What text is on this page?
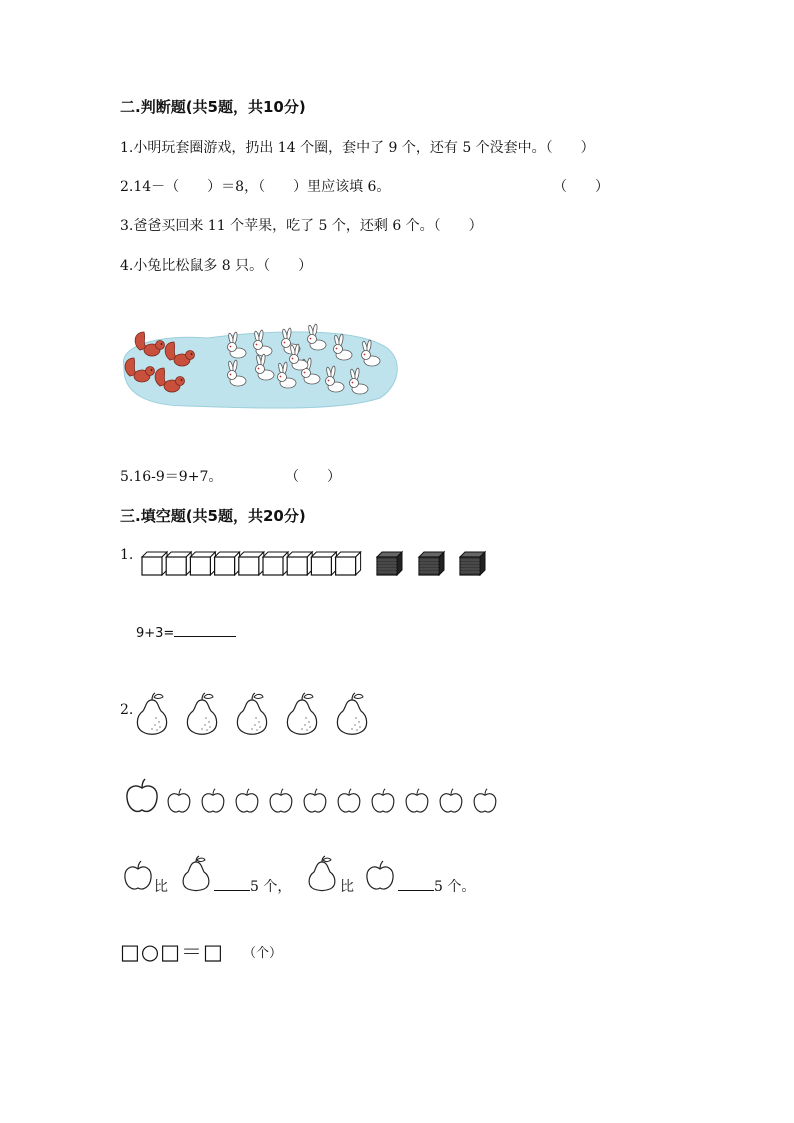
二.判断题(共5题，共10分)
1.小明玩套圈游戏，扔出 14 个圈，套中了 9 个，还有 5 个没套中。（　　）
2.14－（　　）＝8，（　　）里应该填 6。	（　　）
3.爸爸买回来 11 个苹果，吃了 5 个，还剩 6 个。（　　）
4.小兔比松鼠多 8 只。（　　）
5.16-9＝9+7。	（　　）
三.填空题(共5题，共20分)
1.
9+3=
2.
比	5 个，	比	5 个。
□○□＝□ （个）
